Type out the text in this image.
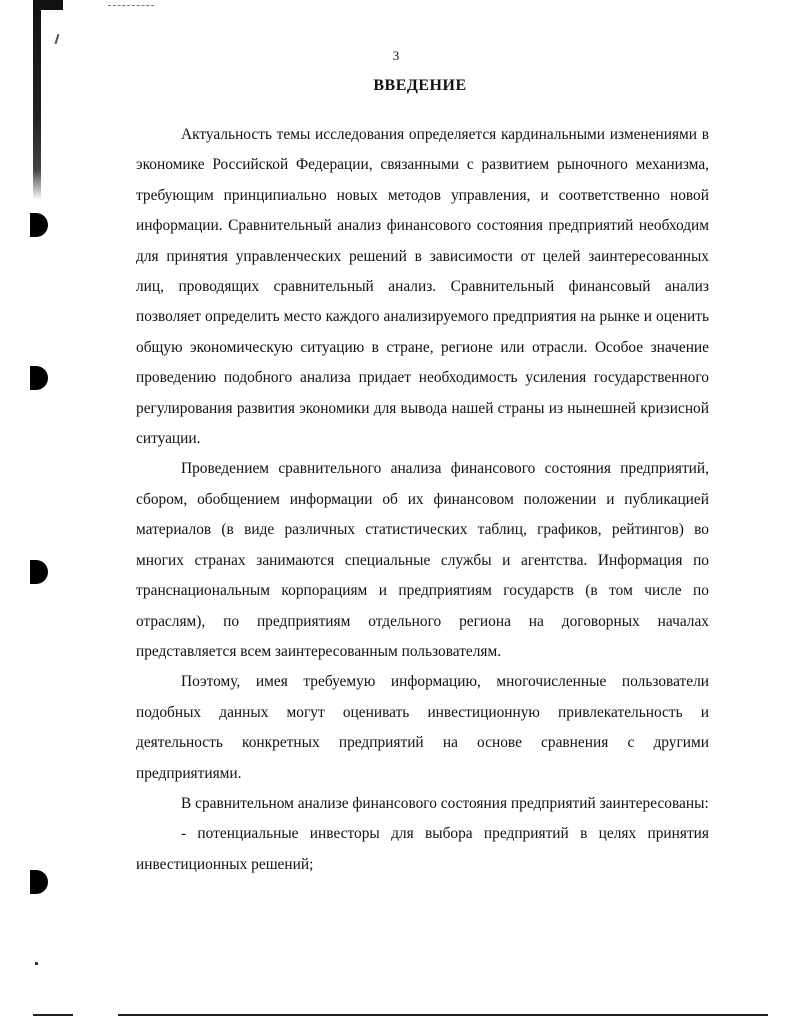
3
ВВЕДЕНИЕ

Актуальность темы исследования определяется кардинальными изменениями в экономике Российской Федерации, связанными с развитием рыночного механизма, требующим принципиально новых методов управления, и соответственно новой информации. Сравнительный анализ финансового состояния предприятий необходим для принятия управленческих решений в зависимости от целей заинтересованных лиц, проводящих сравнительный анализ. Сравнительный финансовый анализ позволяет определить место каждого анализируемого предприятия на рынке и оценить общую экономическую ситуацию в стране, регионе или отрасли. Особое значение проведению подобного анализа придает необходимость усиления государственного регулирования развития экономики для вывода нашей страны из нынешней кризисной ситуации.

Проведением сравнительного анализа финансового состояния предприятий, сбором, обобщением информации об их финансовом положении и публикацией материалов (в виде различных статистических таблиц, графиков, рейтингов) во многих странах занимаются специальные службы и агентства. Информация по транснациональным корпорациям и предприятиям государств (в том числе по отраслям), по предприятиям отдельного региона на договорных началах представляется всем заинтересованным пользователям.

Поэтому, имея требуемую информацию, многочисленные пользователи подобных данных могут оценивать инвестиционную привлекательность и деятельность конкретных предприятий на основе сравнения с другими предприятиями.

В сравнительном анализе финансового состояния предприятий заинтересованы:

- потенциальные инвесторы для выбора предприятий в целях принятия инвестиционных решений;
